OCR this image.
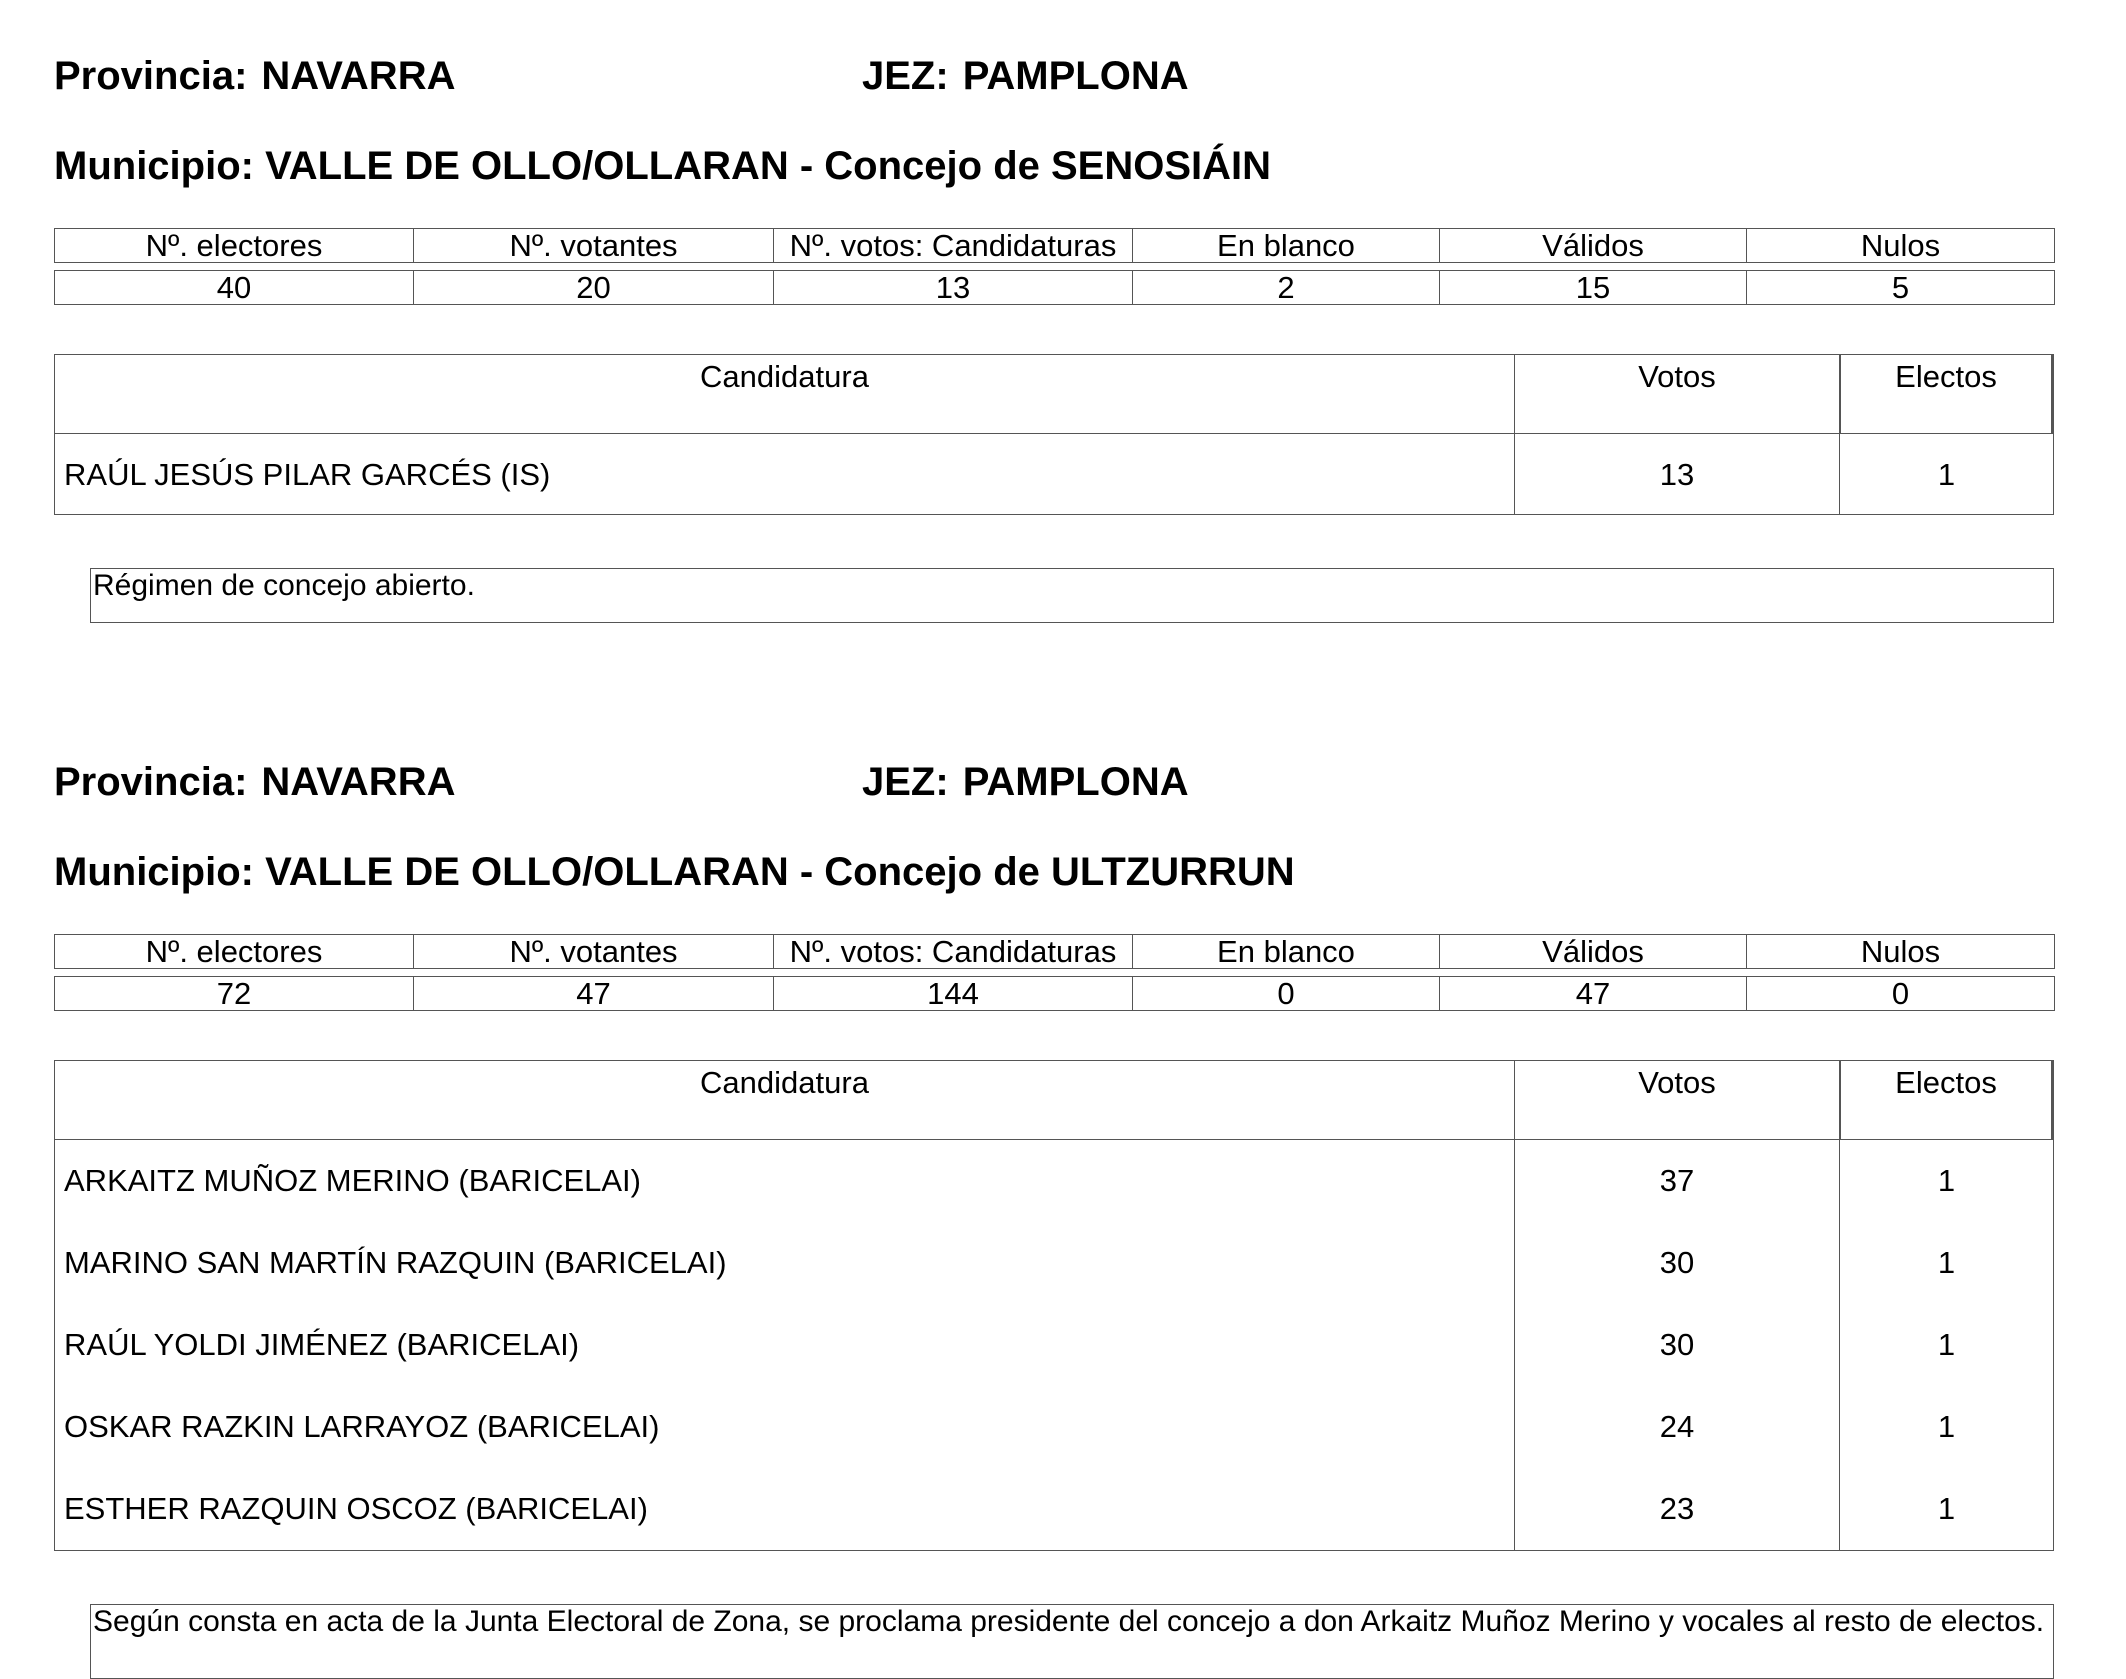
Provincia: NAVARRA	JEZ: PAMPLONA
Municipio: VALLE DE OLLO/OLLARAN - Concejo de SENOSIÁIN
Nº. electores	Nº. votantes	Nº. votos: Candidaturas	En blanco	Válidos	Nulos
40	20	13	2	15	5
Candidatura	Votos	Electos
RAÚL JESÚS PILAR GARCÉS (IS)	13	1
Régimen de concejo abierto.
Provincia: NAVARRA	JEZ: PAMPLONA
Municipio: VALLE DE OLLO/OLLARAN - Concejo de ULTZURRUN
Nº. electores	Nº. votantes	Nº. votos: Candidaturas	En blanco	Válidos	Nulos
72	47	144	0	47	0
Candidatura	Votos	Electos
ARKAITZ MUÑOZ MERINO (BARICELAI)	37	1
MARINO SAN MARTÍN RAZQUIN (BARICELAI)	30	1
RAÚL YOLDI JIMÉNEZ (BARICELAI)	30	1
OSKAR RAZKIN LARRAYOZ (BARICELAI)	24	1
ESTHER RAZQUIN OSCOZ (BARICELAI)	23	1
Según consta en acta de la Junta Electoral de Zona, se proclama presidente del concejo a don Arkaitz Muñoz Merino y vocales al resto de electos.
